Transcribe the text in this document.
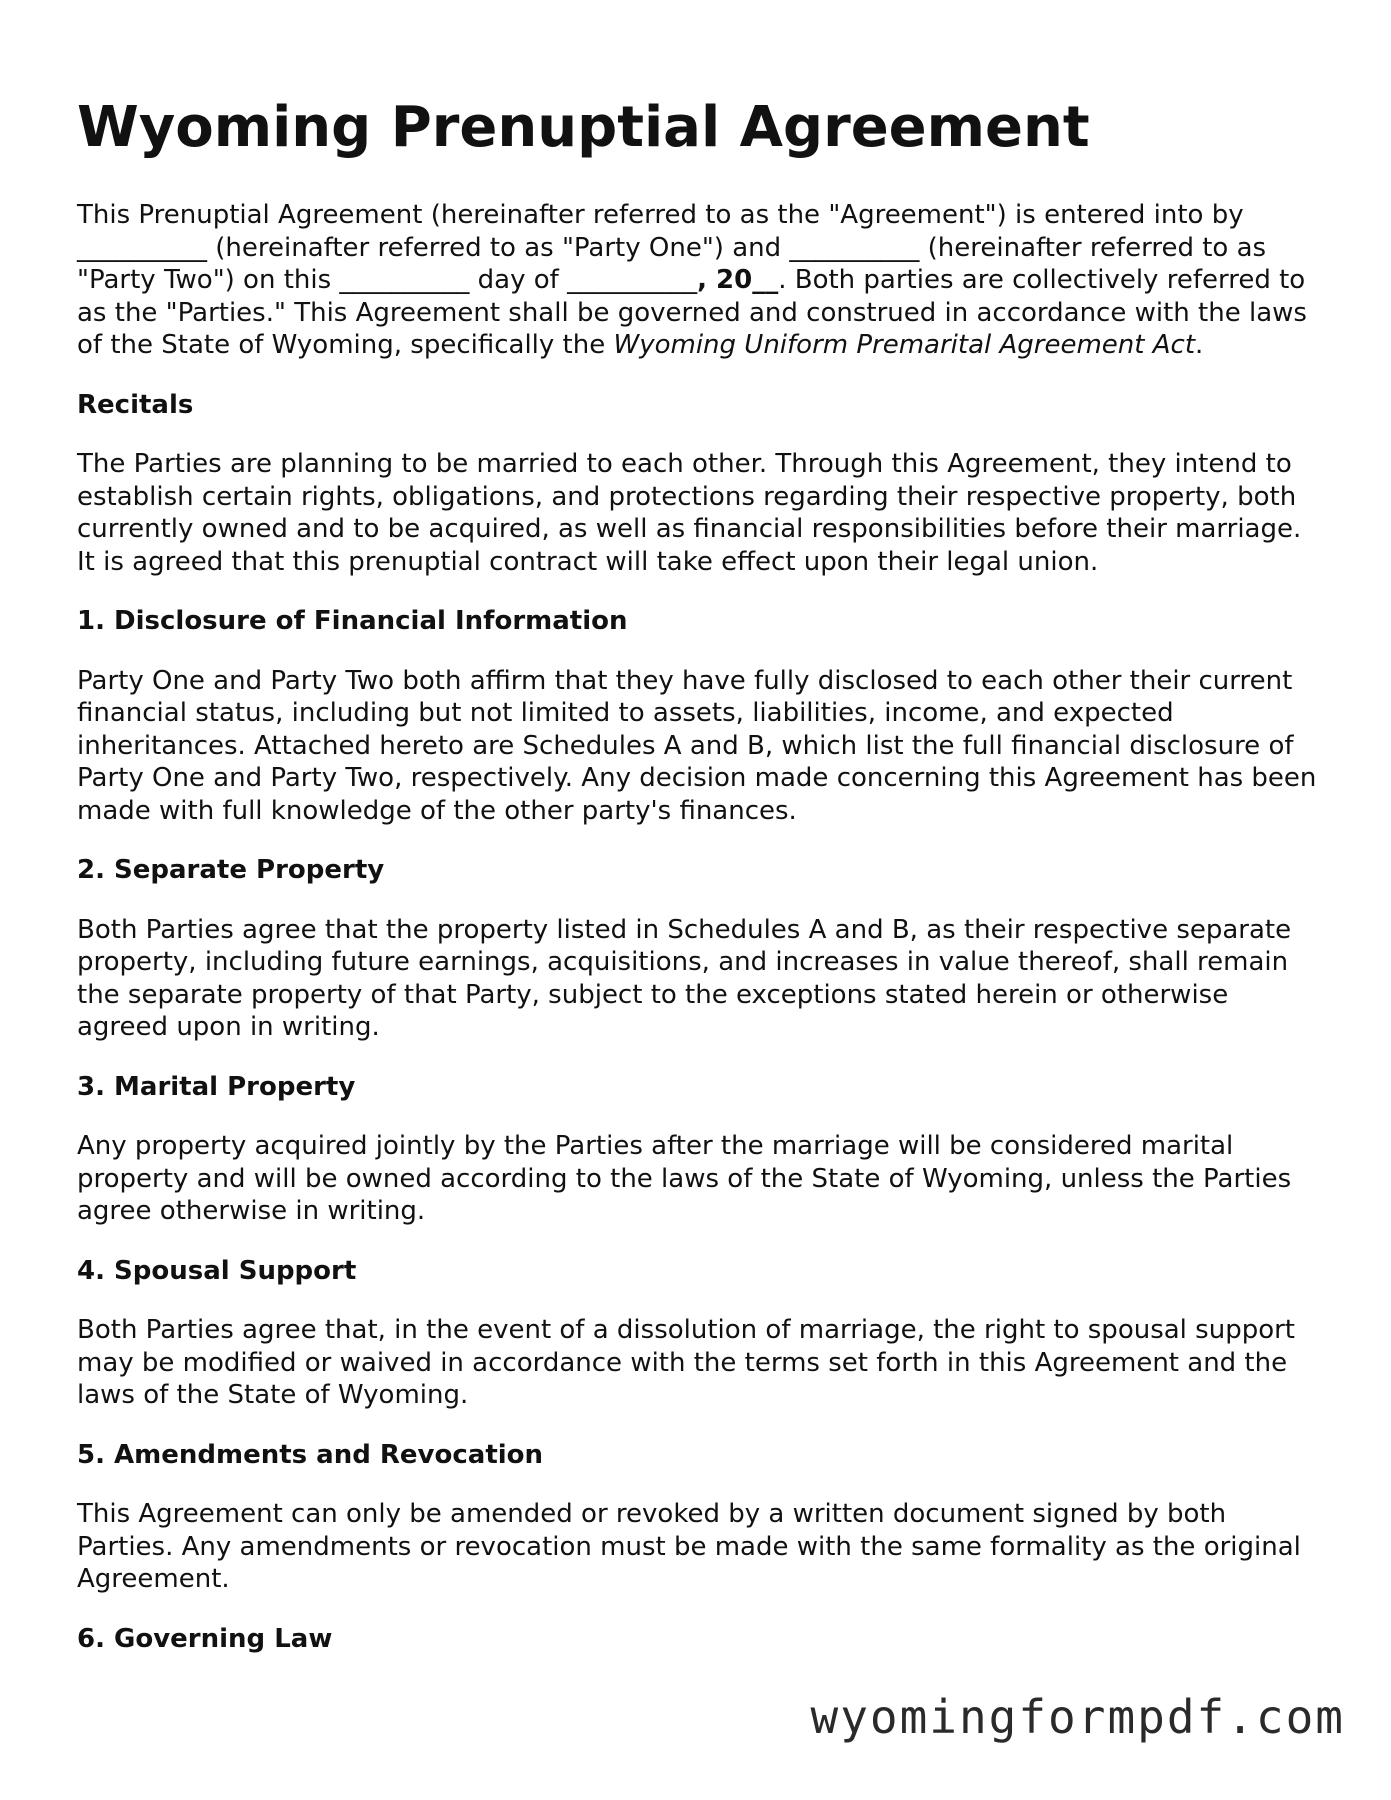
Wyoming Prenuptial Agreement

This Prenuptial Agreement (hereinafter referred to as the "Agreement") is entered into by __________ (hereinafter referred to as "Party One") and __________ (hereinafter referred to as "Party Two") on this __________ day of __________, 20__. Both parties are collectively referred to as the "Parties." This Agreement shall be governed and construed in accordance with the laws of the State of Wyoming, specifically the Wyoming Uniform Premarital Agreement Act.

Recitals

The Parties are planning to be married to each other. Through this Agreement, they intend to establish certain rights, obligations, and protections regarding their respective property, both currently owned and to be acquired, as well as financial responsibilities before their marriage. It is agreed that this prenuptial contract will take effect upon their legal union.

1. Disclosure of Financial Information

Party One and Party Two both affirm that they have fully disclosed to each other their current financial status, including but not limited to assets, liabilities, income, and expected inheritances. Attached hereto are Schedules A and B, which list the full financial disclosure of Party One and Party Two, respectively. Any decision made concerning this Agreement has been made with full knowledge of the other party's finances.

2. Separate Property

Both Parties agree that the property listed in Schedules A and B, as their respective separate property, including future earnings, acquisitions, and increases in value thereof, shall remain the separate property of that Party, subject to the exceptions stated herein or otherwise agreed upon in writing.

3. Marital Property

Any property acquired jointly by the Parties after the marriage will be considered marital property and will be owned according to the laws of the State of Wyoming, unless the Parties agree otherwise in writing.

4. Spousal Support

Both Parties agree that, in the event of a dissolution of marriage, the right to spousal support may be modified or waived in accordance with the terms set forth in this Agreement and the laws of the State of Wyoming.

5. Amendments and Revocation

This Agreement can only be amended or revoked by a written document signed by both Parties. Any amendments or revocation must be made with the same formality as the original Agreement.

6. Governing Law
wyomingformpdf.com
